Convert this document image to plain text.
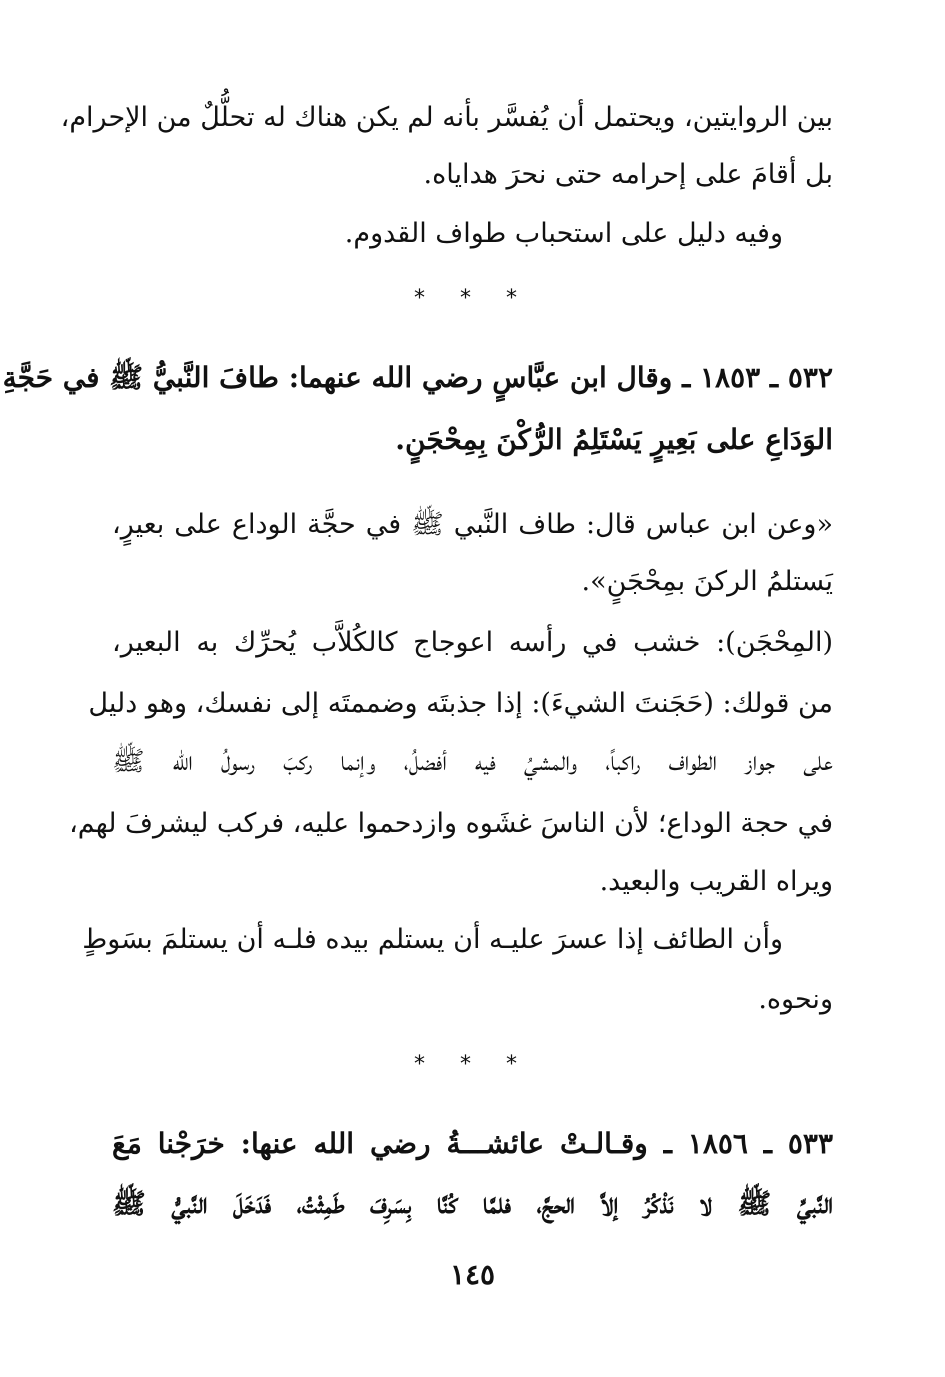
بين الروايتين، ويحتمل أن يُفسَّر بأنه لم يكن هناك له تحلُّلٌ من الإحرام،
بل أقامَ على إحرامه حتى نحرَ هداياه.
وفيه دليل على استحباب طواف القدوم.
* * *
٥٣٢ ـ ١٨٥٣ ـ وقال ابن عبَّاسٍ رضي الله عنهما: طافَ النَّبيُّ ﷺ في حَجَّةِ
الوَدَاعِ على بَعِيرٍ يَسْتَلِمُ الرُّكْنَ بِمِحْجَنٍ.
«وعن ابن عباس قال: طاف النَّبي ﷺ في حجَّة الوداع على بعيرٍ،
يَستلمُ الركنَ بمِحْجَنٍ».
(المِحْجَن): خشب في رأسه اعوجاج كالكُلاَّب يُحرِّك به البعير،
من قولك: (حَجَنتَ الشيءَ): إذا جذبتَه وضممتَه إلى نفسك، وهو دليل
على جواز الطواف راكباً، والمشيُ فيه أفضلُ، وإنما ركبَ رسولُ الله ﷺ
في حجة الوداع؛ لأن الناسَ غشَوه وازدحموا عليه، فركب ليشرفَ لهم،
ويراه القريب والبعيد.
وأن الطائف إذا عسرَ عليـه أن يستلم بيده فلـه أن يستلمَ بسَوطٍ
ونحوه.
* * *
٥٣٣ ـ ١٨٥٦ ـ وقـالـتْ عائشـــةُ رضي الله عنها: خرَجْنا مَعَ
النَّبيِّ ﷺ لا نَذْكُرُ إلاَّ الحجَّ، فلمَّا كُنَّا بِسَرِفَ طَمِثْتُ، فَدَخَلَ النَّبيُّ ﷺ
١٤٥
